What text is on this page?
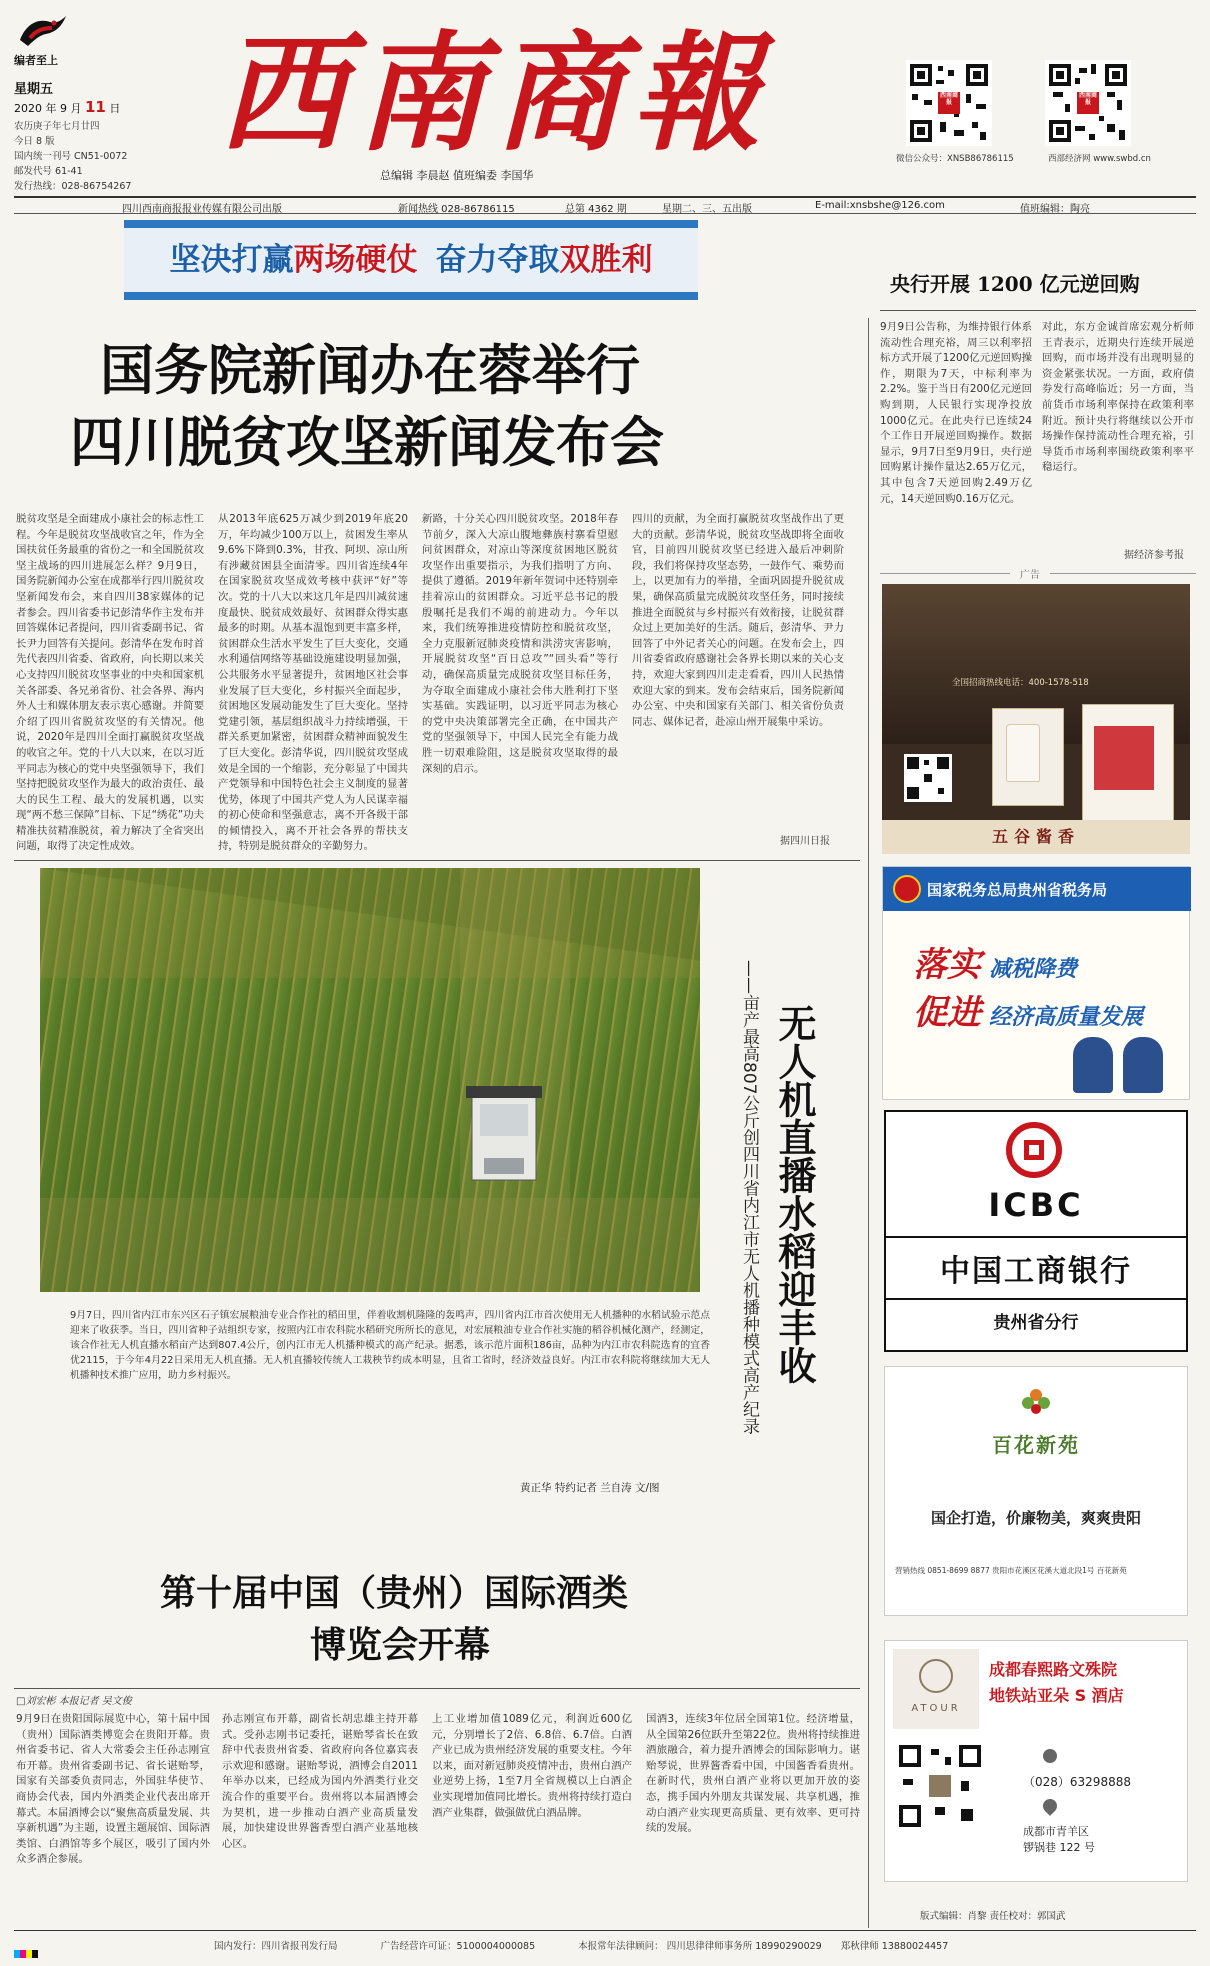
编者至上
星期五
2020 年 9 月 11 日
农历庚子年七月廿四
今日 8 版
国内统一刊号 CN51-0072
邮发代号 61-41
发行热线：028-86754267
西南商報
总编辑 李晨赵 值班编委 李国华
西南商报
西南商报
微信公众号：XNSB86786115	西部经济网 www.swbd.cn
四川西南商报报业传媒有限公司出版	新闻热线 028-86786115	总第 4362 期	星期二、三、五出版	E-mail:xnsbshe@126.com	值班编辑：陶亮
坚决打赢两场硬仗 奋力夺取双胜利
央行开展 1200 亿元逆回购
国务院新闻办在蓉举行
四川脱贫攻坚新闻发布会
脱贫攻坚是全面建成小康社会的标志性工程。今年是脱贫攻坚战收官之年，作为全国扶贫任务最重的省份之一和全国脱贫攻坚主战场的四川进展怎么样？9月9日，国务院新闻办公室在成都举行四川脱贫攻坚新闻发布会，来自四川38家媒体的记者参会。四川省委书记彭清华作主发布并回答媒体记者提问，四川省委副书记、省长尹力回答有关提问。彭清华在发布时首先代表四川省委、省政府，向长期以来关心支持四川脱贫攻坚事业的中央和国家机关各部委、各兄弟省份、社会各界、海内外人士和媒体朋友表示衷心感谢。并简要介绍了四川省脱贫攻坚的有关情况。他说，2020年是四川全面打赢脱贫攻坚战的收官之年。党的十八大以来，在以习近平同志为核心的党中央坚强领导下，我们坚持把脱贫攻坚作为最大的政治责任、最大的民生工程、最大的发展机遇，以实现“两不愁三保障”目标、下足“绣花”功夫精准扶贫精准脱贫，着力解决了全省突出问题，取得了决定性成效。
从2013年底625万减少到2019年底20万，年均减少100万以上，贫困发生率从9.6%下降到0.3%，甘孜、阿坝、凉山所有涉藏贫困县全面清零。四川省连续4年在国家脱贫攻坚成效考核中获评“好”等次。党的十八大以来这几年是四川减贫速度最快、脱贫成效最好、贫困群众得实惠最多的时期。从基本温饱到更丰富多样，贫困群众生活水平发生了巨大变化，交通水利通信网络等基础设施建设明显加强，公共服务水平显著提升，贫困地区社会事业发展了巨大变化，乡村振兴全面起步，贫困地区发展动能发生了巨大变化。坚持党建引领，基层组织战斗力持续增强，干群关系更加紧密，贫困群众精神面貌发生了巨大变化。彭清华说，四川脱贫攻坚成效是全国的一个缩影，充分彰显了中国共产党领导和中国特色社会主义制度的显著优势，体现了中国共产党人为人民谋幸福的初心使命和坚强意志，离不开各级干部的倾情投入，离不开社会各界的帮扶支持，特别是脱贫群众的辛勤努力。
新路，十分关心四川脱贫攻坚。2018年春节前夕，深入大凉山腹地彝族村寨看望慰问贫困群众，对凉山等深度贫困地区脱贫攻坚作出重要指示，为我们指明了方向、提供了遵循。2019年新年贺词中还特别牵挂着凉山的贫困群众。习近平总书记的殷殷嘱托是我们不竭的前进动力。今年以来，我们统筹推进疫情防控和脱贫攻坚，全力克服新冠肺炎疫情和洪涝灾害影响，开展脱贫攻坚“百日总攻”“回头看”等行动，确保高质量完成脱贫攻坚目标任务，为夺取全面建成小康社会伟大胜利打下坚实基础。实践证明，以习近平同志为核心的党中央决策部署完全正确，在中国共产党的坚强领导下，中国人民完全有能力战胜一切艰难险阻，这是脱贫攻坚取得的最深刻的启示。
四川的贡献，为全面打赢脱贫攻坚战作出了更大的贡献。彭清华说，脱贫攻坚战即将全面收官，目前四川脱贫攻坚已经进入最后冲刺阶段，我们将保持攻坚态势，一鼓作气、乘势而上，以更加有力的举措，全面巩固提升脱贫成果，确保高质量完成脱贫攻坚任务，同时接续推进全面脱贫与乡村振兴有效衔接，让脱贫群众过上更加美好的生活。随后，彭清华、尹力回答了中外记者关心的问题。在发布会上，四川省委省政府感谢社会各界长期以来的关心支持，欢迎大家到四川走走看看，四川人民热情欢迎大家的到来。发布会结束后，国务院新闻办公室、中央和国家有关部门、相关省份负责同志、媒体记者，赴凉山州开展集中采访。
据四川日报
9月9日公告称，为维持银行体系流动性合理充裕，周三以利率招标方式开展了1200亿元逆回购操作，期限为7天，中标利率为2.2%。鉴于当日有200亿元逆回购到期，人民银行实现净投放1000亿元。在此央行已连续24个工作日开展逆回购操作。数据显示，9月7日至9月9日，央行逆回购累计操作量达2.65万亿元，其中包含7天逆回购2.49万亿元，14天逆回购0.16万亿元。
对此，东方金诚首席宏观分析师王青表示，近期央行连续开展逆回购，而市场并没有出现明显的资金紧张状况。一方面，政府债券发行高峰临近；另一方面，当前货币市场利率保持在政策利率附近。预计央行将继续以公开市场操作保持流动性合理充裕，引导货币市场利率围绕政策利率平稳运行。
据经济参考报
广告
全国招商热线电话：400-1578-518
五谷酱香
国家税务总局贵州省税务局
落实 减税降费
促进 经济高质量发展
ICBC
中国工商银行
贵州省分行
百花新苑
国企打造，价廉物美，爽爽贵阳
营销热线 0851-8699 8877 贵阳市花溪区花溪大道北段1号 百花新苑
ATOUR
成都春熙路文殊院
地铁站亚朵 S 酒店
（028）63298888
成都市青羊区
锣锅巷 122 号
无人机直播水稻迎丰收
——亩产最高807公斤创四川省内江市无人机播种模式高产纪录
9月7日，四川省内江市东兴区石子镇宏展粮油专业合作社的稻田里，伴着收割机隆隆的轰鸣声，四川省内江市首次使用无人机播种的水稻试验示范点迎来了收获季。当日，四川省种子站组织专家，按照内江市农科院水稻研究所所长的意见，对宏展粮油专业合作社实施的稻谷机械化测产，经测定，该合作社无人机直播水稻亩产达到807.4公斤，创内江市无人机播种模式的高产纪录。据悉，该示范片面积186亩，品种为内江市农科院选育的宜香优2115，于今年4月22日采用无人机直播。无人机直播较传统人工栽秧节约成本明显，且省工省时，经济效益良好。内江市农科院将继续加大无人机播种技术推广应用，助力乡村振兴。
黄正华 特约记者 兰自涛 文/图
第十届中国（贵州）国际酒类
博览会开幕
□刘宏彬 本报记者 吴文俊
9月9日在贵阳国际展览中心，第十届中国（贵州）国际酒类博览会在贵阳开幕。贵州省委书记、省人大常委会主任孙志刚宣布开幕。贵州省委副书记、省长谌贻琴，国家有关部委负责同志，外国驻华使节、商协会代表，国内外酒类企业代表出席开幕式。本届酒博会以“聚焦高质量发展、共享新机遇”为主题，设置主题展馆、国际酒类馆、白酒馆等多个展区，吸引了国内外众多酒企参展。
孙志刚宣布开幕，副省长胡忠雄主持开幕式。受孙志刚书记委托，谌贻琴省长在致辞中代表贵州省委、省政府向各位嘉宾表示欢迎和感谢。谌贻琴说，酒博会自2011年举办以来，已经成为国内外酒类行业交流合作的重要平台。贵州将以本届酒博会为契机，进一步推动白酒产业高质量发展，加快建设世界酱香型白酒产业基地核心区。
上工业增加值1089亿元，利润近600亿元，分别增长了2倍、6.8倍、6.7倍。白酒产业已成为贵州经济发展的重要支柱。今年以来，面对新冠肺炎疫情冲击，贵州白酒产业逆势上扬，1至7月全省规模以上白酒企业实现增加值同比增长。贵州将持续打造白酒产业集群，做强做优白酒品牌。
国酒3，连续3年位居全国第1位。经济增量，从全国第26位跃升至第22位。贵州将持续推进酒旅融合，着力提升酒博会的国际影响力。谌贻琴说，世界酱香看中国，中国酱香看贵州。在新时代，贵州白酒产业将以更加开放的姿态，携手国内外朋友共谋发展、共享机遇，推动白酒产业实现更高质量、更有效率、更可持续的发展。
版式编辑：肖黎 责任校对：郭国武
国内发行：四川省报刊发行局	广告经营许可证：5100004000085	本报常年法律顾问： 四川思律律师事务所 18990290029 郑秋律师 13880024457
